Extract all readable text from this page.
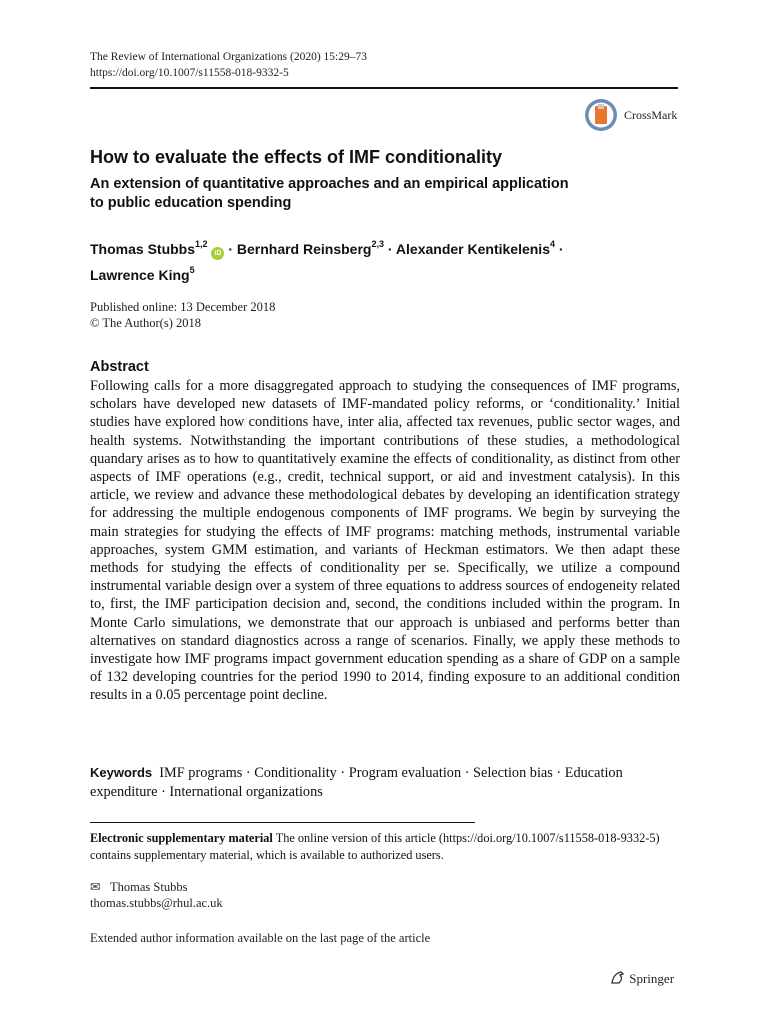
The Review of International Organizations (2020) 15:29–73
https://doi.org/10.1007/s11558-018-9332-5
CrossMark
How to evaluate the effects of IMF conditionality
An extension of quantitative approaches and an empirical application to public education spending
Thomas Stubbs$^{1,2}$ iD · Bernhard Reinsberg$^{2,3}$ · Alexander Kentikelenis$^4$ ·
Lawrence King$^5$
Published online: 13 December 2018
© The Author(s) 2018
Abstract
Following calls for a more disaggregated approach to studying the consequences of IMF programs, scholars have developed new datasets of IMF-mandated policy reforms, or ‘conditionality.’ Initial studies have explored how conditions have, inter alia, affected tax revenues, public sector wages, and health systems. Notwithstanding the important contributions of these studies, a methodological quandary arises as to how to quantitatively examine the effects of conditionality, as distinct from other aspects of IMF operations (e.g., credit, technical support, or aid and investment catalysis). In this article, we review and advance these methodological debates by developing an identification strategy for addressing the multiple endogenous components of IMF programs. We begin by surveying the main strategies for studying the effects of IMF programs: matching methods, instrumental variable approaches, system GMM estimation, and variants of Heckman estimators. We then adapt these methods for studying the effects of conditionality per se. Specifically, we utilize a compound instrumental variable design over a system of three equations to address sources of endogeneity related to, first, the IMF participation decision and, second, the conditions included within the program. In Monte Carlo simulations, we demonstrate that our approach is unbiased and performs better than alternatives on standard diagnostics across a range of scenarios. Finally, we apply these methods to investigate how IMF programs impact government education spending as a share of GDP on a sample of 132 developing countries for the period 1990 to 2014, finding exposure to an additional condition results in a 0.05 percentage point decline.
Keywords IMF programs · Conditionality · Program evaluation · Selection bias · Education expenditure · International organizations
Electronic supplementary material The online version of this article (https://doi.org/10.1007/s11558-018-9332-5) contains supplementary material, which is available to authorized users.
✉ Thomas Stubbs
thomas.stubbs@rhul.ac.uk
Extended author information available on the last page of the article
Springer
